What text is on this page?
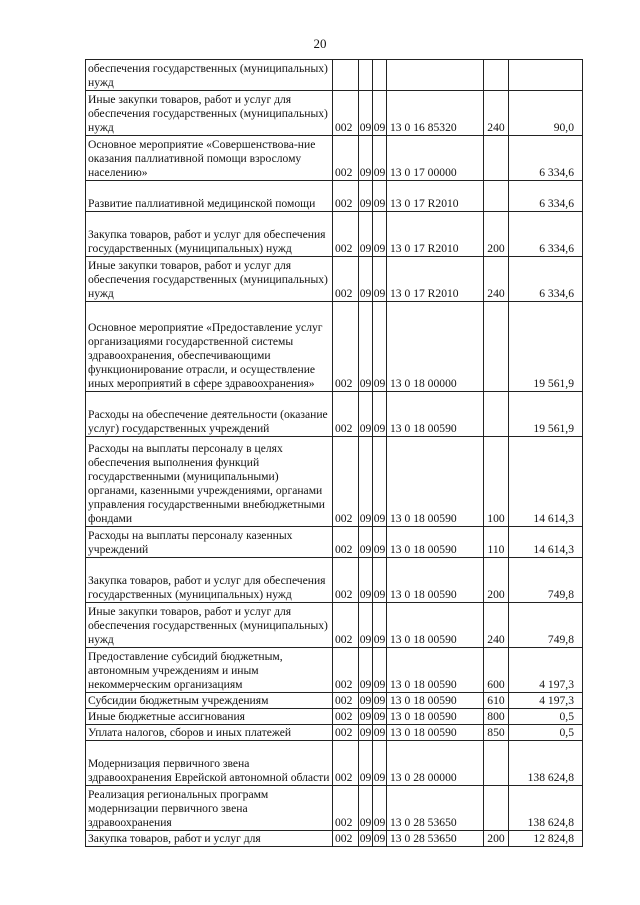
20
обеспечения государственных (муниципальных) нужд						
Иные закупки товаров, работ и услуг для обеспечения государственных (муниципальных) нужд	002	09	09	13 0 16 85320	240	90,0
Основное мероприятие «Совершенствова-ние оказания паллиативной помощи взрослому населению»	002	09	09	13 0 17 00000		6 334,6
Развитие паллиативной медицинской помощи	002	09	09	13 0 17 R2010		6 334,6
Закупка товаров, работ и услуг для обеспечения государственных (муниципальных) нужд	002	09	09	13 0 17 R2010	200	6 334,6
Иные закупки товаров, работ и услуг для обеспечения государственных (муниципальных) нужд	002	09	09	13 0 17 R2010	240	6 334,6
Основное мероприятие «Предоставление услуг организациями государственной системы здравоохранения, обеспечивающими функционирование отрасли, и осуществление иных мероприятий в сфере здравоохранения»	002	09	09	13 0 18 00000		19 561,9
Расходы на обеспечение деятельности (оказание услуг) государственных учреждений	002	09	09	13 0 18 00590		19 561,9
Расходы на выплаты персоналу в целях обеспечения выполнения функций государственными (муниципальными) органами, казенными учреждениями, органами управления государственными внебюджетными фондами	002	09	09	13 0 18 00590	100	14 614,3
Расходы на выплаты персоналу казенных учреждений	002	09	09	13 0 18 00590	110	14 614,3
Закупка товаров, работ и услуг для обеспечения государственных (муниципальных) нужд	002	09	09	13 0 18 00590	200	749,8
Иные закупки товаров, работ и услуг для обеспечения государственных (муниципальных) нужд	002	09	09	13 0 18 00590	240	749,8
Предоставление субсидий бюджетным, автономным учреждениям и иным некоммерческим организациям	002	09	09	13 0 18 00590	600	4 197,3
Субсидии бюджетным учреждениям	002	09	09	13 0 18 00590	610	4 197,3
Иные бюджетные ассигнования	002	09	09	13 0 18 00590	800	0,5
Уплата налогов, сборов и иных платежей	002	09	09	13 0 18 00590	850	0,5
Модернизация первичного звена здравоохранения Еврейской автономной области	002	09	09	13 0 28 00000		138 624,8
Реализация региональных программ модернизации первичного звена здравоохранения	002	09	09	13 0 28 53650		138 624,8
Закупка товаров, работ и услуг для	002	09	09	13 0 28 53650	200	12 824,8
